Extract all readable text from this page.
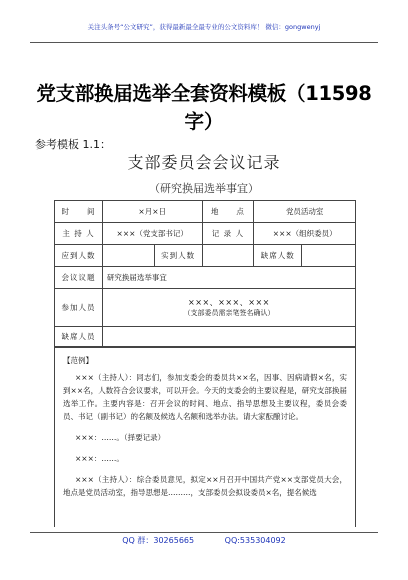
关注头条号“公文研究”，获得最新最全最专业的公文资料库！ 微信：gongwenyj
党支部换届选举全套资料模板（11598
字）
参考模板 1.1：
支部委员会会议记录
（研究换届选举事宜）
时　　间	×月×日		地　　点	党员活动室	
主 持 人	×××（党支部书记）		记 录 人	×××（组织委员）	
应到人数		实到人数		缺席人数	
会议议题	研究换届选举事宜				
参加人员	×××、×××、×××
（支部委员需亲笔签名确认）				

缺席人员					

【范例】

×××（主持人）：同志们，参加支委会的委员共××名，因事、因病请假×名，实到××名，人数符合会议要求，可以开会。今天的支委会的主要议程是，研究支部换届选举工作。主要内容是：召开会议的时间、地点、指导思想及主要议程，委员会委员、书记（副书记）的名额及候选人名额和选举办法。请大家酝酿讨论。

×××：……。（择要记录）

×××：……。

×××（主持人）：综合委员意见，拟定××月召开中国共产党××支部党员大会，地点是党员活动室，指导思想是………，支部委员会拟设委员×名，提名候选

QQ 群：30265665	QQ:535304092
